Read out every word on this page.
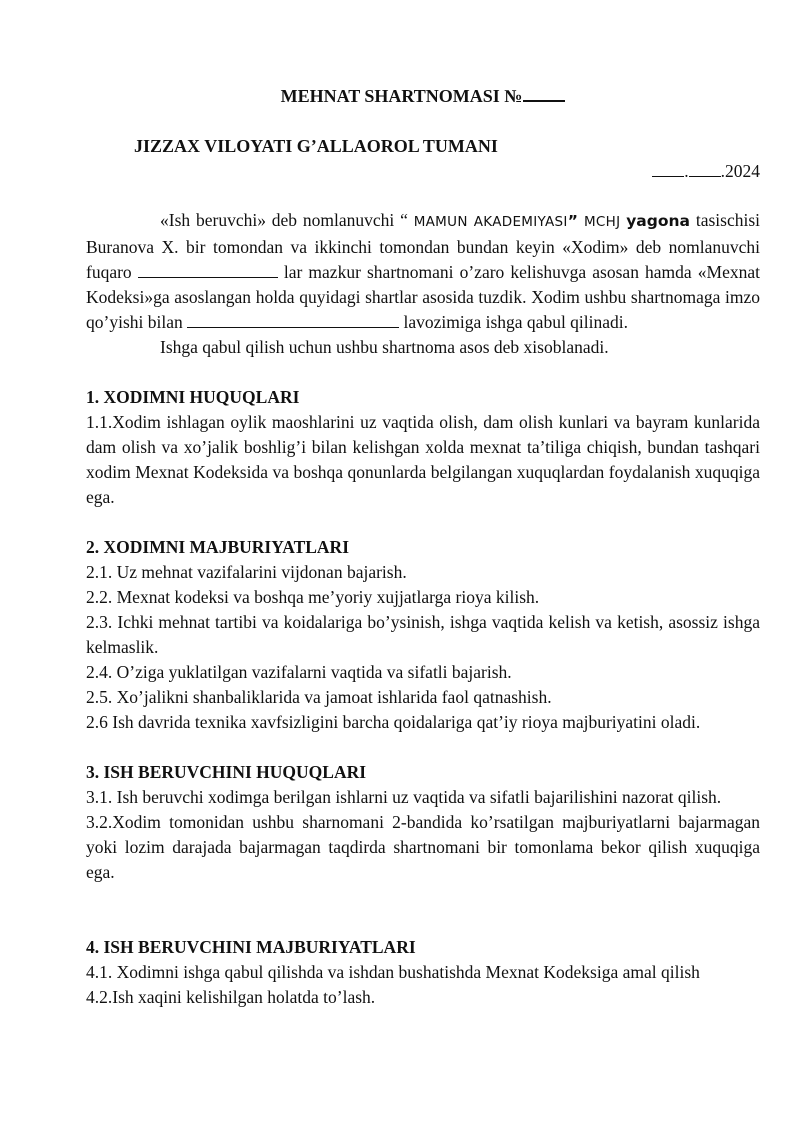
MEHNAT SHARTNOMASI №
JIZZAX VILOYATI G’ALLAOROL TUMANI
. .2024

«Ish beruvchi» deb nomlanuvchi “ MAMUN AKADEMIYASI” MCHJ yagona tasischisi Buranova X. bir tomondan va ikkinchi tomondan bundan keyin «Xodim» deb nomlanuvchi fuqaro	lar mazkur shartnomani o’zaro kelishuvga asosan hamda «Mexnat Kodeksi»ga asoslangan holda quyidagi shartlar asosida tuzdik. Xodim ushbu shartnomaga imzo qo’yishi bilan	lavozimiga ishga qabul qilinadi.

Ishga qabul qilish uchun ushbu shartnoma asos deb xisoblanadi.

1. XODIMNI HUQUQLARI

1.1.Xodim ishlagan oylik maoshlarini uz vaqtida olish, dam olish kunlari va bayram kunlarida dam olish va xo’jalik boshlig’i bilan kelishgan xolda mexnat ta’tiliga chiqish, bundan tashqari xodim Mexnat Kodeksida va boshqa qonunlarda belgilangan xuquqlardan foydalanish xuquqiga ega.

2. XODIMNI MAJBURIYATLARI

2.1. Uz mehnat vazifalarini vijdonan bajarish.

2.2. Mexnat kodeksi va boshqa me’yoriy xujjatlarga rioya kilish.

2.3. Ichki mehnat tartibi va koidalariga bo’ysinish, ishga vaqtida kelish va ketish, asossiz ishga kelmaslik.

2.4. O’ziga yuklatilgan vazifalarni vaqtida va sifatli bajarish.

2.5. Xo’jalikni shanbaliklarida va jamoat ishlarida faol qatnashish.

2.6 Ish davrida texnika xavfsizligini barcha qoidalariga qat’iy rioya majburiyatini oladi.

3. ISH BERUVCHINI HUQUQLARI

3.1. Ish beruvchi xodimga berilgan ishlarni uz vaqtida va sifatli bajarilishini nazorat qilish.

3.2.Xodim tomonidan ushbu sharnomani 2-bandida ko’rsatilgan majburiyatlarni bajarmagan yoki lozim darajada bajarmagan taqdirda shartnomani bir tomonlama bekor qilish xuquqiga ega.

4. ISH BERUVCHINI MAJBURIYATLARI

4.1. Xodimni ishga qabul qilishda va ishdan bushatishda Mexnat Kodeksiga amal qilish

4.2.Ish xaqini kelishilgan holatda to’lash.
